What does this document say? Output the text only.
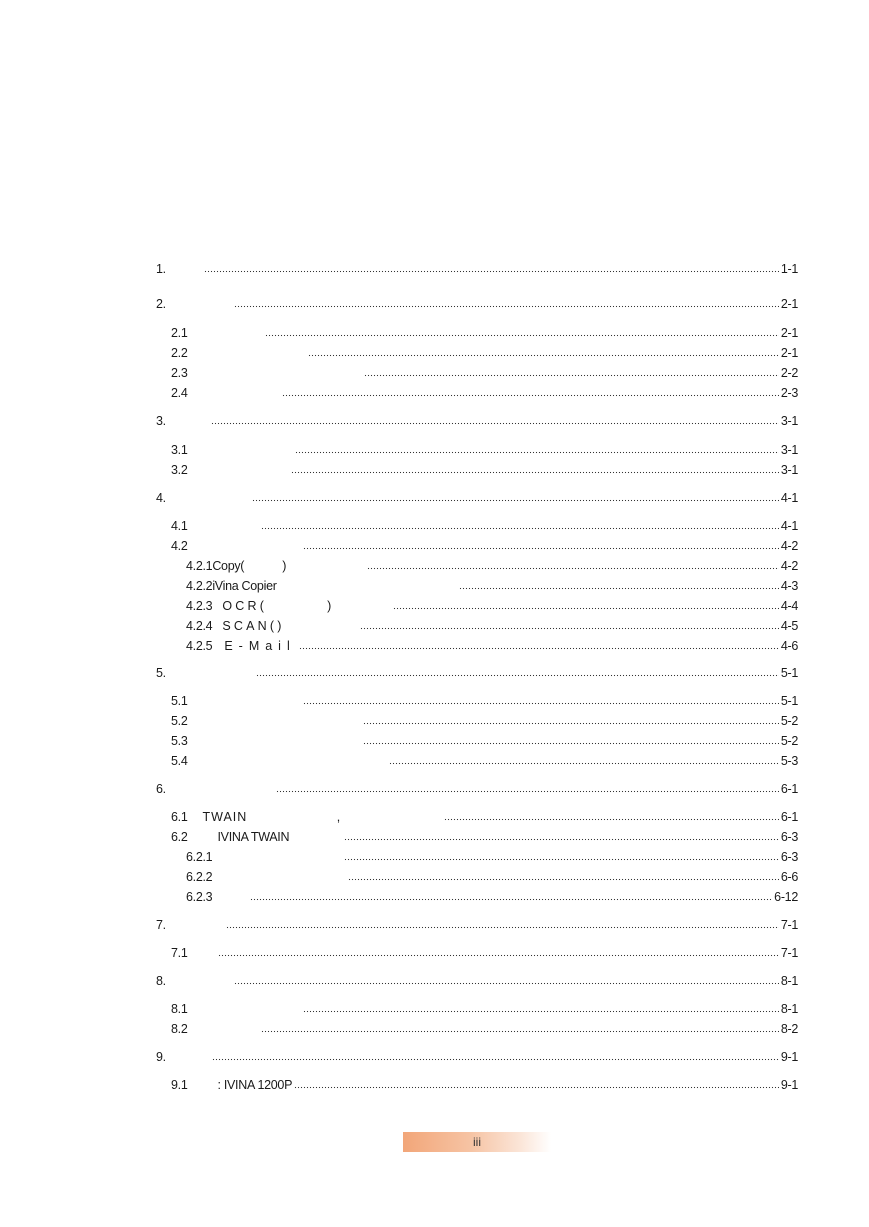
1.	1-1
2.	2-1
2.1	2-1
2.2	2-1
2.3	2-2
2.4	2-3
3.	3-1
3.1	3-1
3.2	3-1
4.	4-1
4.1	4-1
4.2	4-2
4.2.1 Copy(            )	4-2
4.2.2 iVina Copier	4-3
4.2.3 OCR(         )	4-4
4.2.4 SCAN()	4-5
4.2.5 E-Mail	4-6
5.	5-1
5.1	5-1
5.2	5-2
5.3	5-2
5.4	5-3
6.	6-1
6.1	TWAIN                    ,	6-1
6.2	IVINA TWAIN	6-3
6.2.1	6-3
6.2.2	6-6
6.2.3	6-12
7.	7-1
7.1	7-1
8.	8-1
8.1	8-1
8.2	8-2
9.	9-1
9.1	: IVINA 1200P	9-1
iii
